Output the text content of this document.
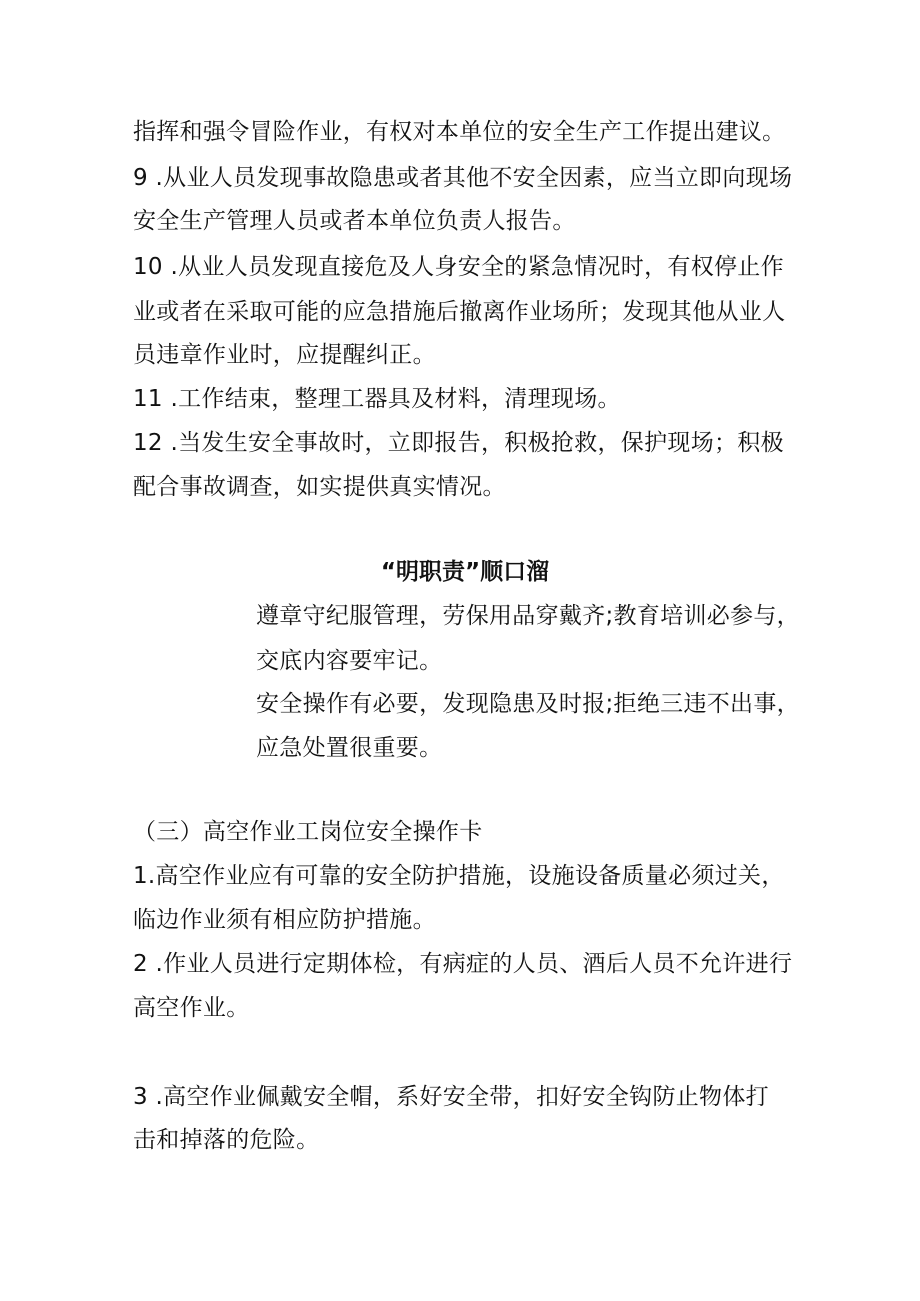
指挥和强令冒险作业，有权对本单位的安全生产工作提出建议。
9 .从业人员发现事故隐患或者其他不安全因素，应当立即向现场
安全生产管理人员或者本单位负责人报告。
10 .从业人员发现直接危及人身安全的紧急情况时，有权停止作
业或者在采取可能的应急措施后撤离作业场所；发现其他从业人
员违章作业时，应提醒纠正。
11 .工作结束，整理工器具及材料，清理现场。
12 .当发生安全事故时，立即报告，积极抢救，保护现场；积极
配合事故调查，如实提供真实情况。
“明职责”顺口溜
遵章守纪服管理，劳保用品穿戴齐;教育培训必参与，
交底内容要牢记。
安全操作有必要，发现隐患及时报;拒绝三违不出事，
应急处置很重要。
（三）高空作业工岗位安全操作卡
1.高空作业应有可靠的安全防护措施，设施设备质量必须过关，
临边作业须有相应防护措施。
2 .作业人员进行定期体检，有病症的人员、酒后人员不允许进行
高空作业。
3 .高空作业佩戴安全帽，系好安全带，扣好安全钩防止物体打
击和掉落的危险。
